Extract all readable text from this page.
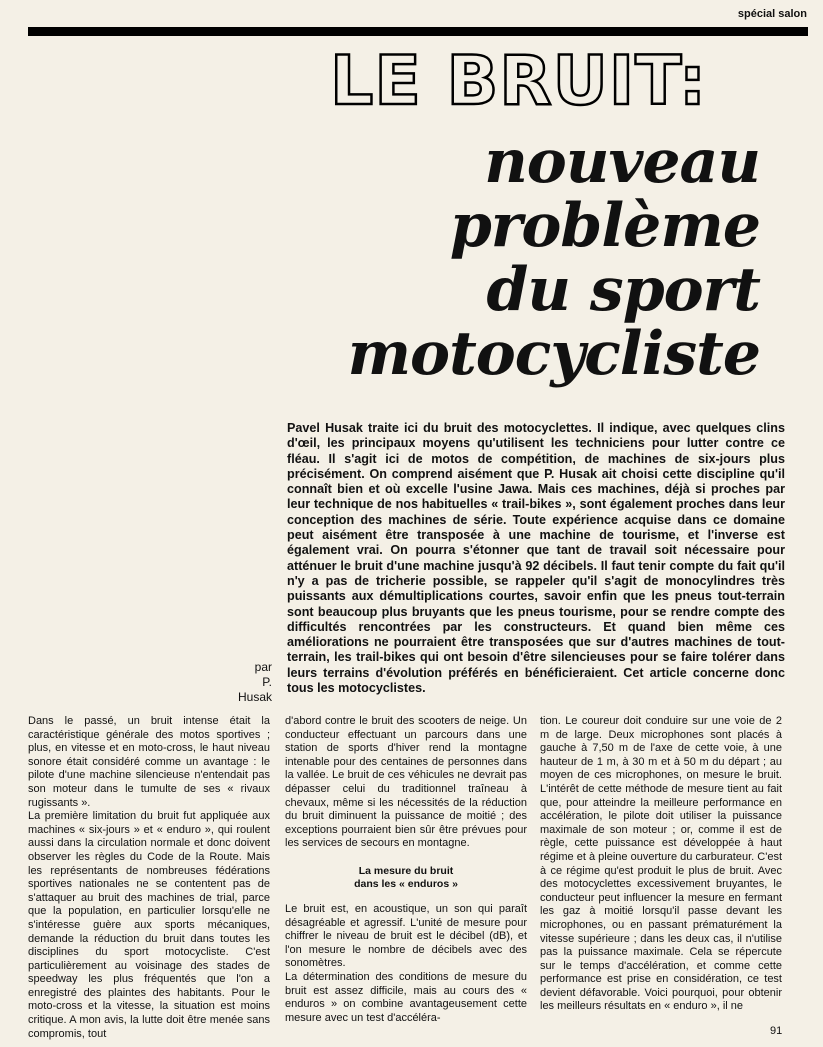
spécial salon
LE BRUIT:
nouveau
problème
du sport
motocycliste
Pavel Husak traite ici du bruit des motocyclettes. Il indique, avec quelques clins d'œil, les principaux moyens qu'utilisent les techniciens pour lutter contre ce fléau. Il s'agit ici de motos de compétition, de machines de six-jours plus précisément. On comprend aisément que P. Husak ait choisi cette discipline qu'il connaît bien et où excelle l'usine Jawa. Mais ces machines, déjà si proches par leur technique de nos habituelles « trail-bikes », sont également proches dans leur conception des machines de série. Toute expérience acquise dans ce domaine peut aisément être transposée à une machine de tourisme, et l'inverse est également vrai. On pourra s'étonner que tant de travail soit nécessaire pour atténuer le bruit d'une machine jusqu'à 92 décibels. Il faut tenir compte du fait qu'il n'y a pas de tricherie possible, se rappeler qu'il s'agit de monocylindres très puissants aux démultiplications courtes, savoir enfin que les pneus tout-terrain sont beaucoup plus bruyants que les pneus tourisme, pour se rendre compte des difficultés rencontrées par les constructeurs. Et quand bien même ces améliorations ne pourraient être transposées que sur d'autres machines de tout-terrain, les trail-bikes qui ont besoin d'être silencieuses pour se faire tolérer dans leurs terrains d'évolution préférés en bénéficieraient. Cet article concerne donc tous les motocyclistes.
par
P.
Husak

Dans le passé, un bruit intense était la caractéristique générale des motos sportives ; plus, en vitesse et en moto-cross, le haut niveau sonore était considéré comme un avantage : le pilote d'une machine silencieuse n'entendait pas son moteur dans le tumulte de ses « rivaux rugissants ».

La première limitation du bruit fut appliquée aux machines « six-jours » et « enduro », qui roulent aussi dans la circulation normale et donc doivent observer les règles du Code de la Route. Mais les représentants de nombreuses fédérations sportives nationales ne se contentent pas de s'attaquer au bruit des machines de trial, parce que la population, en particulier lorsqu'elle ne s'intéresse guère aux sports mécaniques, demande la réduction du bruit dans toutes les disciplines du sport motocycliste. C'est particulièrement au voisinage des stades de speedway les plus fréquentés que l'on a enregistré des plaintes des habitants. Pour le moto-cross et la vitesse, la situation est moins critique. A mon avis, la lutte doit être menée sans compromis, tout

d'abord contre le bruit des scooters de neige. Un conducteur effectuant un parcours dans une station de sports d'hiver rend la montagne intenable pour des centaines de personnes dans la vallée. Le bruit de ces véhicules ne devrait pas dépasser celui du traditionnel traîneau à chevaux, même si les nécessités de la réduction du bruit diminuent la puissance de moitié ; des exceptions pourraient bien sûr être prévues pour les services de secours en montagne.

La mesure du bruit
dans les « enduros »

Le bruit est, en acoustique, un son qui paraît désagréable et agressif. L'unité de mesure pour chiffrer le niveau de bruit est le décibel (dB), et l'on mesure le nombre de décibels avec des sonomètres.

La détermination des conditions de mesure du bruit est assez difficile, mais au cours des « enduros » on combine avantageusement cette mesure avec un test d'accéléra-

tion. Le coureur doit conduire sur une voie de 2 m de large. Deux microphones sont placés à gauche à 7,50 m de l'axe de cette voie, à une hauteur de 1 m, à 30 m et à 50 m du départ ; au moyen de ces microphones, on mesure le bruit. L'intérêt de cette méthode de mesure tient au fait que, pour atteindre la meilleure performance en accélération, le pilote doit utiliser la puissance maximale de son moteur ; or, comme il est de règle, cette puissance est développée à haut régime et à pleine ouverture du carburateur. C'est à ce régime qu'est produit le plus de bruit. Avec des motocyclettes excessivement bruyantes, le conducteur peut influencer la mesure en fermant les gaz à moitié lorsqu'il passe devant les microphones, ou en passant prématurément la vitesse supérieure ; dans les deux cas, il n'utilise pas la puissance maximale. Cela se répercute sur le temps d'accélération, et comme cette performance est prise en considération, ce test devient défavorable. Voici pourquoi, pour obtenir les meilleurs résultats en « enduro », il ne

91
